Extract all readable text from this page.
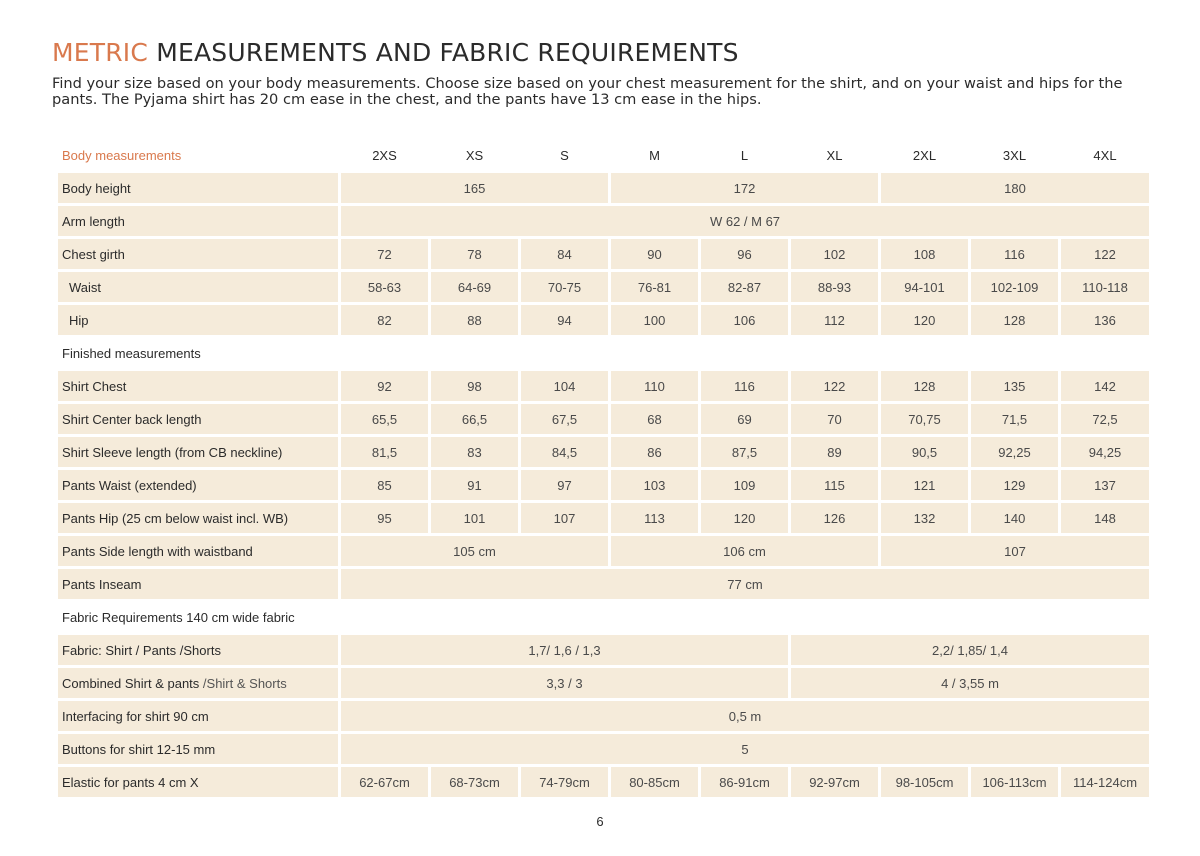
METRIC MEASUREMENTS AND FABRIC REQUIREMENTS

Find your size based on your body measurements. Choose size based on your chest measurement for the shirt, and on your waist and hips for the pants. The Pyjama shirt has 20 cm ease in the chest, and the pants have 13 cm ease in the hips.

Body measurements	2XS	XS	S	M	L	XL	2XL	3XL	4XL
Body height	165			172			180		
Arm length	W 62 / M 67								
Chest girth	72	78	84	90	96	102	108	116	122
Waist	58-63	64-69	70-75	76-81	82-87	88-93	94-101	102-109	110-118
Hip	82	88	94	100	106	112	120	128	136
Finished measurements									
Shirt Chest	92	98	104	110	116	122	128	135	142
Shirt Center back length	65,5	66,5	67,5	68	69	70	70,75	71,5	72,5
Shirt Sleeve length (from CB neckline)	81,5	83	84,5	86	87,5	89	90,5	92,25	94,25
Pants Waist (extended)	85	91	97	103	109	115	121	129	137
Pants Hip (25 cm below waist incl. WB)	95	101	107	113	120	126	132	140	148
Pants Side length with waistband	105 cm			106 cm			107		
Pants Inseam	77 cm								
Fabric Requirements 140 cm wide fabric									
Fabric: Shirt / Pants /Shorts	1,7/ 1,6 / 1,3					2,2/ 1,85/ 1,4			
Combined Shirt & pants /Shirt & Shorts	3,3 / 3					4 / 3,55 m			
Interfacing for shirt 90 cm	0,5 m								
Buttons for shirt 12-15 mm	5								
Elastic for pants 4 cm X	62-67cm	68-73cm	74-79cm	80-85cm	86-91cm	92-97cm	98-105cm	106-113cm	114-124cm
6
